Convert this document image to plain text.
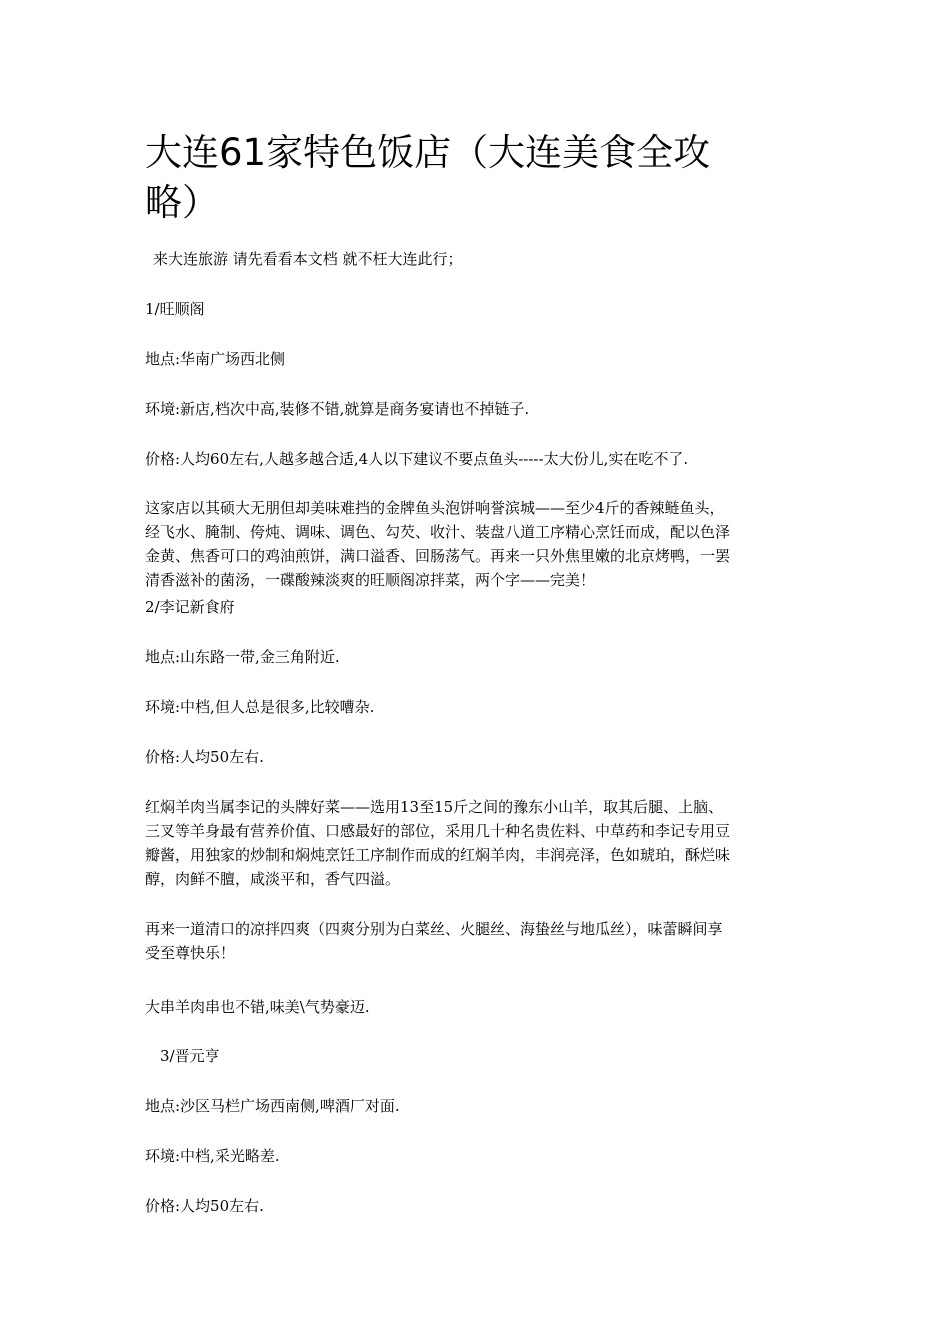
大连61家特色饭店（大连美食全攻
略）

来大连旅游 请先看看本文档 就不枉大连此行；

1/旺顺阁

地点:华南广场西北侧

环境:新店,档次中高,装修不错,就算是商务宴请也不掉链子.

价格:人均60左右,人越多越合适,4人以下建议不要点鱼头-----太大份儿,实在吃不了.

这家店以其硕大无朋但却美味难挡的金牌鱼头泡饼响誉滨城——至少4斤的香辣鲢鱼头，

经飞水、腌制、侉炖、调味、调色、勾芡、收汁、装盘八道工序精心烹饪而成，配以色泽

金黄、焦香可口的鸡油煎饼，满口溢香、回肠荡气。再来一只外焦里嫩的北京烤鸭，一罢

清香滋补的菌汤，一碟酸辣淡爽的旺顺阁凉拌菜，两个字——完美！

2/李记新食府

地点:山东路一带,金三角附近.

环境:中档,但人总是很多,比较嘈杂.

价格:人均50左右.

红焖羊肉当属李记的头牌好菜——选用13至15斤之间的豫东小山羊，取其后腿、上脑、

三叉等羊身最有营养价值、口感最好的部位，采用几十种名贵佐料、中草药和李记专用豆

瓣酱，用独家的炒制和焖炖烹饪工序制作而成的红焖羊肉，丰润亮泽，色如琥珀，酥烂味

醇，肉鲜不膻，咸淡平和，香气四溢。

再来一道清口的凉拌四爽（四爽分别为白菜丝、火腿丝、海蛰丝与地瓜丝），味蕾瞬间享

受至尊快乐！

大串羊肉串也不错,味美\气势豪迈.

3/晋元亨

地点:沙区马栏广场西南侧,啤酒厂对面.

环境:中档,采光略差.

价格:人均50左右.
